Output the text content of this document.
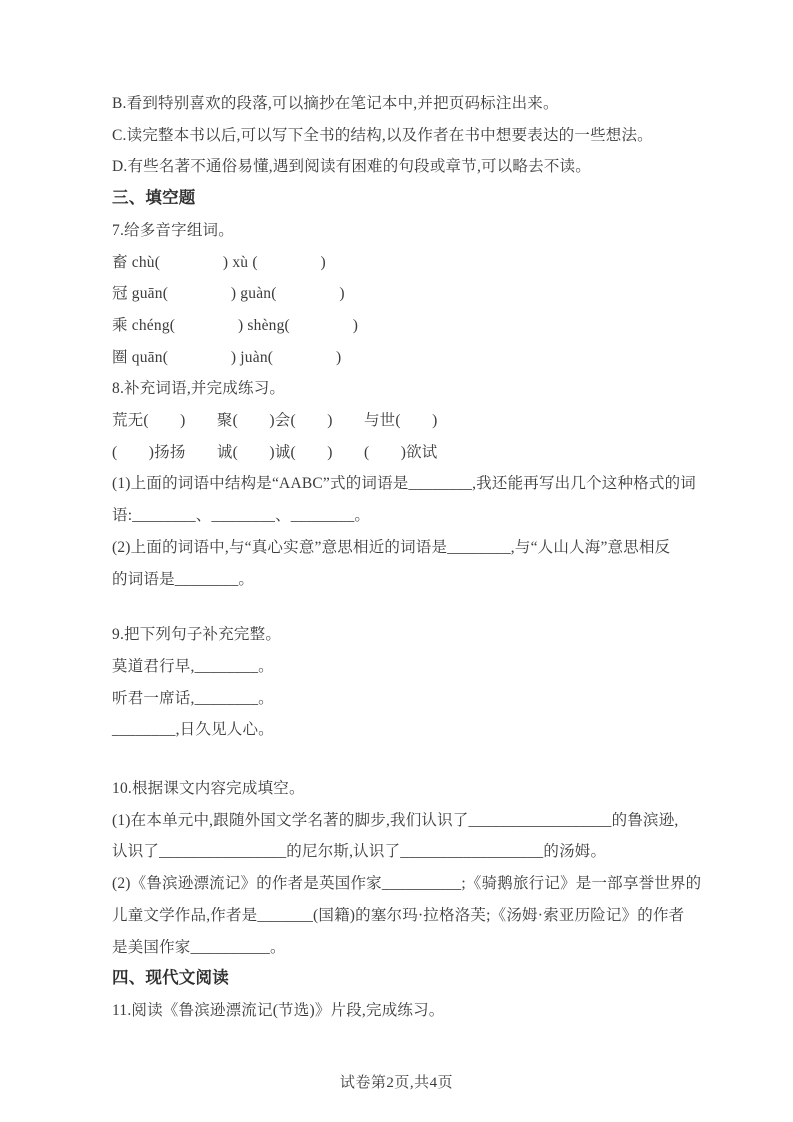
B.看到特别喜欢的段落,可以摘抄在笔记本中,并把页码标注出来。

C.读完整本书以后,可以写下全书的结构,以及作者在书中想要表达的一些想法。

D.有些名著不通俗易懂,遇到阅读有困难的句段或章节,可以略去不读。

三、填空题

7.给多音字组词。

畜 chù(　　　　) xù (　　　　)

冠 guān(　　　　) guàn(　　　　)

乘 chéng(　　　　) shèng(　　　　)

圈 quān(　　　　) juàn(　　　　)

8.补充词语,并完成练习。

荒无(　　)　　聚(　　)会(　　)　　与世(　　)

(　　)扬扬　　诚(　　)诚(　　)　　(　　)欲试

(1)上面的词语中结构是“AABC”式的词语是________,我还能再写出几个这种格式的词

语:________、________、________。

(2)上面的词语中,与“真心实意”意思相近的词语是________,与“人山人海”意思相反

的词语是________。

9.把下列句子补充完整。

莫道君行早,________。

听君一席话,________。

________,日久见人心。

10.根据课文内容完成填空。

(1)在本单元中,跟随外国文学名著的脚步,我们认识了__________________的鲁滨逊,

认识了________________的尼尔斯,认识了__________________的汤姆。

(2)《鲁滨逊漂流记》的作者是英国作家__________;《骑鹅旅行记》是一部享誉世界的

儿童文学作品,作者是_______(国籍)的塞尔玛·拉格洛芙;《汤姆·索亚历险记》的作者

是美国作家__________。

四、现代文阅读

11.阅读《鲁滨逊漂流记(节选)》片段,完成练习。

试卷第2页,共4页
